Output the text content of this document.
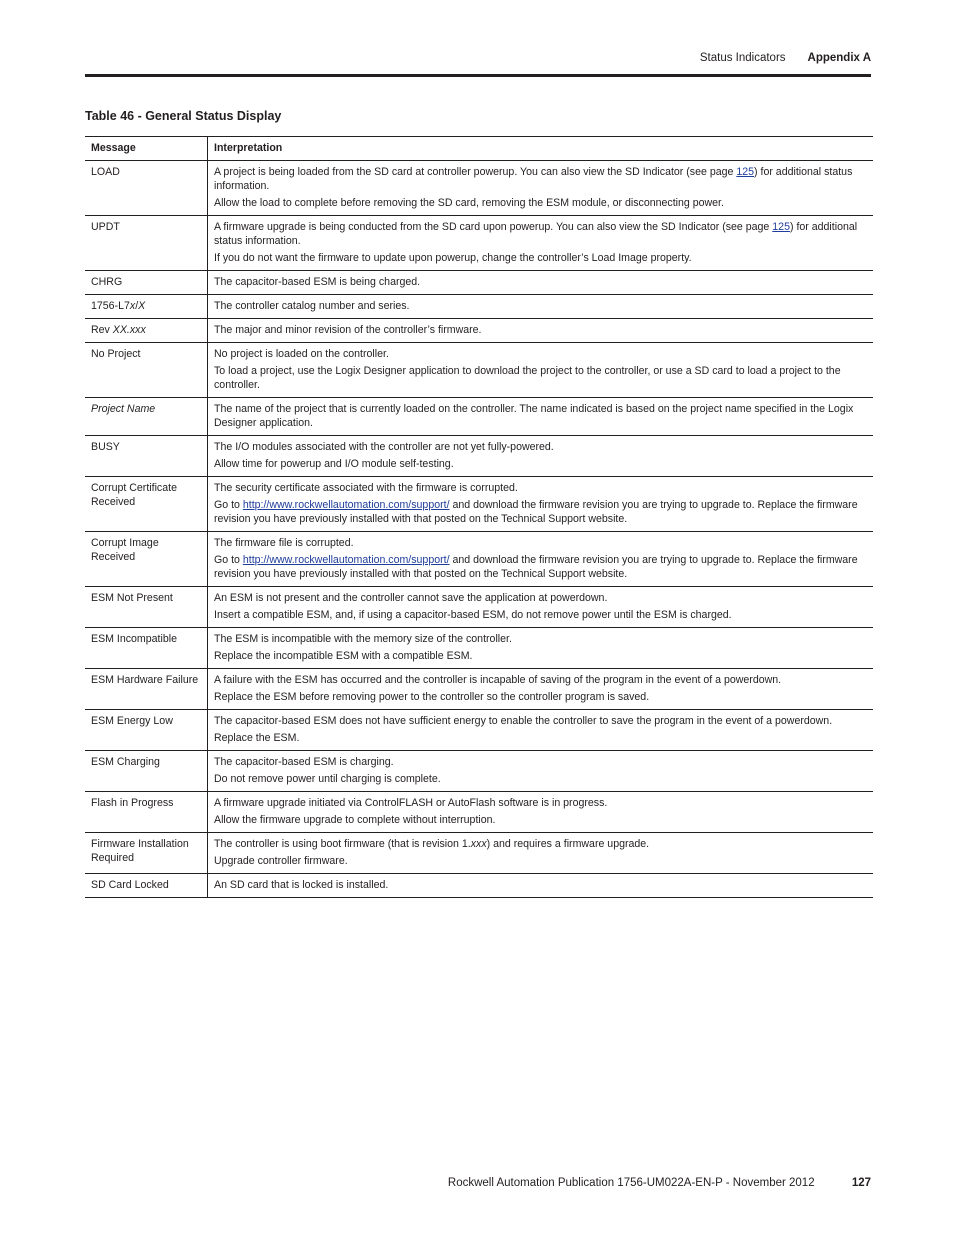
Status Indicators Appendix A
Table 46 - General Status Display
Message	Interpretation
LOAD	A project is being loaded from the SD card at controller powerup. You can also view the SD Indicator (see page 125) for additional status information.
Allow the load to complete before removing the SD card, removing the ESM module, or disconnecting power.

UPDT	A firmware upgrade is being conducted from the SD card upon powerup. You can also view the SD Indicator (see page 125) for additional status information.
If you do not want the firmware to update upon powerup, change the controller’s Load Image property.

CHRG	The capacitor-based ESM is being charged.

1756-L7x/X	The controller catalog number and series.

Rev XX.xxx	The major and minor revision of the controller’s firmware.

No Project	No project is loaded on the controller.
To load a project, use the Logix Designer application to download the project to the controller, or use a SD card to load a project to the controller.

Project Name	The name of the project that is currently loaded on the controller. The name indicated is based on the project name specified in the Logix Designer application.

BUSY	The I/O modules associated with the controller are not yet fully-powered.
Allow time for powerup and I/O module self-testing.

Corrupt Certificate Received	The security certificate associated with the firmware is corrupted.
Go to http://www.rockwellautomation.com/support/ and download the firmware revision you are trying to upgrade to. Replace the firmware revision you have previously installed with that posted on the Technical Support website.

Corrupt Image Received	The firmware file is corrupted.
Go to http://www.rockwellautomation.com/support/ and download the firmware revision you are trying to upgrade to. Replace the firmware revision you have previously installed with that posted on the Technical Support website.

ESM Not Present	An ESM is not present and the controller cannot save the application at powerdown.
Insert a compatible ESM, and, if using a capacitor-based ESM, do not remove power until the ESM is charged.

ESM Incompatible	The ESM is incompatible with the memory size of the controller.
Replace the incompatible ESM with a compatible ESM.

ESM Hardware Failure	A failure with the ESM has occurred and the controller is incapable of saving of the program in the event of a powerdown.
Replace the ESM before removing power to the controller so the controller program is saved.

ESM Energy Low	The capacitor-based ESM does not have sufficient energy to enable the controller to save the program in the event of a powerdown.
Replace the ESM.

ESM Charging	The capacitor-based ESM is charging.
Do not remove power until charging is complete.

Flash in Progress	A firmware upgrade initiated via ControlFLASH or AutoFlash software is in progress.
Allow the firmware upgrade to complete without interruption.

Firmware Installation Required	The controller is using boot firmware (that is revision 1.xxx) and requires a firmware upgrade.
Upgrade controller firmware.

SD Card Locked	An SD card that is locked is installed.
Rockwell Automation Publication 1756-UM022A-EN-P - November 2012	127
